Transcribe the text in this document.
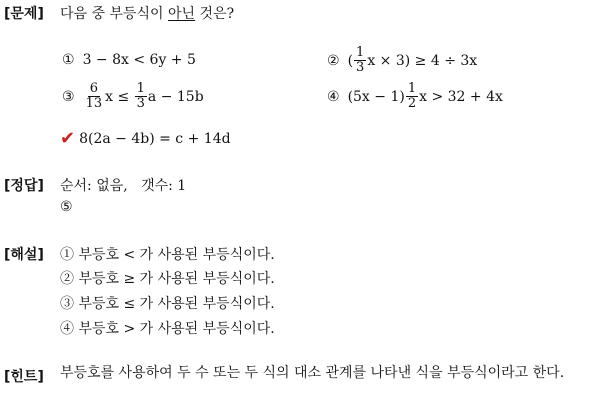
[문제] 다음 중 부등식이 아닌 것은?
① 3 − 8x < 6y + 5	② ( $\frac{1}{3}$ x × 3) ≥ 4 ÷ 3x
③ $\frac{6}{13}$ $x \le \frac{1}{3}$ a − 15b	④ $(5x - 1) \frac{1}{2}$ x > 32 + 4x
✔ 8(2a − 4b) = c + 14d
[정답] 순서: 없음,   갯수: 1
⑤
[해설] ① 부등호 < 가 사용된 부등식이다.
② 부등호 ≥ 가 사용된 부등식이다.
③ 부등호 ≤ 가 사용된 부등식이다.
④ 부등호 > 가 사용된 부등식이다.
[힌트] 부등호를 사용하여 두 수 또는 두 식의 대소 관계를 나타낸 식을 부등식이라고 한다.
